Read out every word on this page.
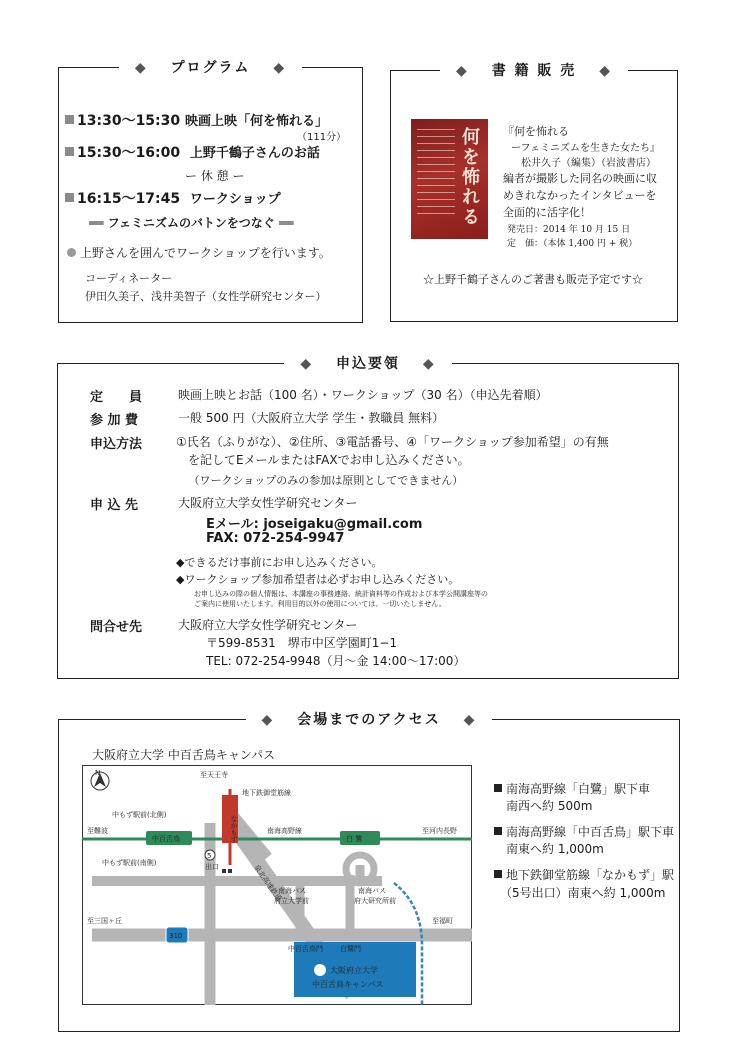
◆ プログラム ◆
13:30〜15:30 映画上映「何を怖れる」
（111分）
15:30〜16:00 上野千鶴子さんのお話
ー 休 憩 ー
16:15〜17:45 ワークショップ
══ フェミニズムのバトンをつなぐ ══
上野さんを囲んでワークショップを行います。
コーディネーター
伊田久美子、浅井美智子（女性学研究センター）
◆ 書 籍 販 売 ◆
何を怖れる 『何を怖れる
ーフェミニズムを生きた女たち』
松井久子（編集）（岩波書店）
編者が撮影した同名の映画に収
めきれなかったインタビューを
全面的に活字化！
発売日：2014 年 10 月 15 日
定　価：（本体 1,400 円 + 税）
☆上野千鶴子さんのご著書も販売予定です☆
◆ 申込要領 ◆
定　　員	映画上映とお話（100 名）・ワークショップ（30 名）（申込先着順）
参 加 費	一般 500 円（大阪府立大学 学生・教職員 無料）
申込方法	①氏名（ふりがな）、②住所、③電話番号、④「ワークショップ参加希望」の有無
　を記してEメールまたはFAXでお申し込みください。
　（ワークショップのみの参加は原則としてできません）
申 込 先	大阪府立大学女性学研究センター
Eメール: joseigaku@gmail.com
FAX: 072-254-9947
◆できるだけ事前にお申し込みください。
◆ワークショップ参加希望者は必ずお申し込みください。
お申し込みの際の個人情報は、本講座の事務連絡、統計資料等の作成および本学公開講座等の
ご案内に使用いたします。利用目的以外の使用については、一切いたしません。
問合せ先	大阪府立大学女性学研究センター
〒599-8531　堺市中区学園町1−1
TEL: 072-254-9948（月〜金 14:00〜17:00）
◆ 会場までのアクセス ◆
大阪府立大学 中百舌鳥キャンパス
至天王寺
地下鉄御堂筋線
なかもず
中もず駅前(北側)
至難波
中百舌鳥
南海高野線
白 鷺
至河内長野
中もず駅前(南側)
5
出口	泉北高速鉄道
南海バス
府立大学前
南海バス
府大研究所前
至三国ヶ丘
310
至福町
中百舌鳥門 白鷺門
大阪府立大学
中百舌鳥キャンパス
N
南海高野線「白鷺」駅下車
南西へ約 500m
南海高野線「中百舌鳥」駅下車
南東へ約 1,000m
地下鉄御堂筋線「なかもず」駅
（5号出口）南東へ約 1,000m
